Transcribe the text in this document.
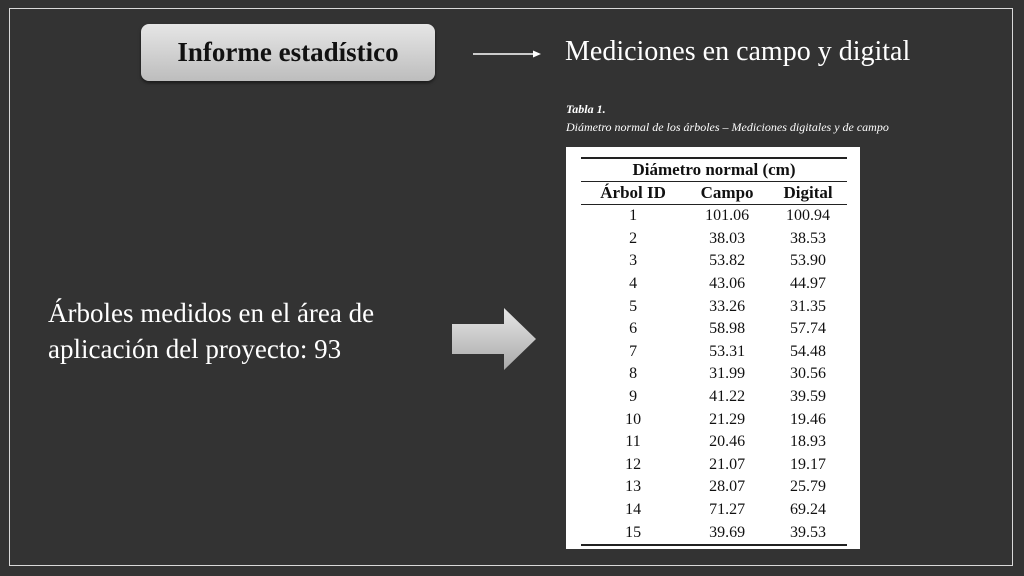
Informe estadístico	Mediciones en campo y digital
Tabla 1.
Diámetro normal de los árboles – Mediciones digitales y de campo
Diámetro normal (cm)		
Árbol ID	Campo	Digital
1	101.06	100.94
2	38.03	38.53
3	53.82	53.90
4	43.06	44.97
5	33.26	31.35
6	58.98	57.74
7	53.31	54.48
8	31.99	30.56
9	41.22	39.59
10	21.29	19.46
11	20.46	18.93
12	21.07	19.17
13	28.07	25.79
14	71.27	69.24
15	39.69	39.53
Árboles medidos en el área de aplicación del proyecto: 93
